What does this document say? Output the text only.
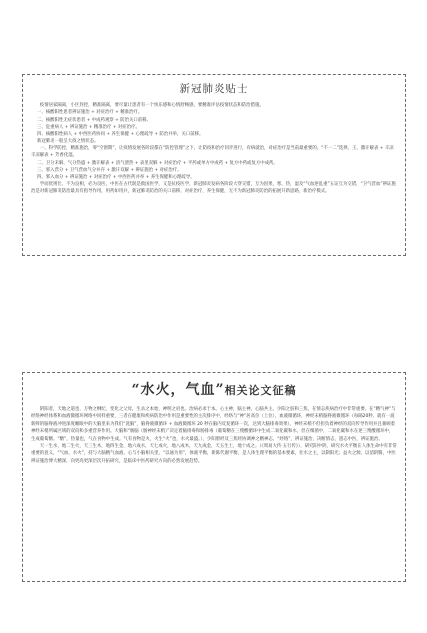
新冠肺炎贴士

疫情居家隔离，小区封控，精准隔离，要尽量让患者有一个快乐感和心情舒畅感，要精准评估疫情状态和防治措施。

一、核酸阳性患者辨证施治 + 对症治疗 + 精准治疗。

二、核酸阳性无症状患者 + 中成药观察 + 防治关口前移。

三、危重病人 + 辨证施治 + 精准治疗 + 对症治疗。

四、核酸阳性病人 + 中西医药协同 + 养生保健 + 心理疏导 + 防治并举，关口前移。

新冠肺炎一般呈大疫之情状态。

一、科学防控，精准施治，零“空窗期”，让疫情发展各阶段都在“防控管理”之下，让防疫和治疗同步进行，有病就治，对症治疗是当前最重要的。“不一二”选择，王，激讦解表 + 辛凉辛凉解表 + 芳香化湿。

二、卫分未解，气分热盛 + 激讦解表 + 清气泄热 + 表里双解 + 对症治疗 + 平药或单方中成药 + 复方中药或复方中成药。

三、邪入营分 + 卫气营血气分并存 + 激讦双解 + 辨证施治 + 对症治疗。

四、邪入血分 + 辨证施治 + 对症治疗 + 中西医药并举 + 养生保健和心理疏导。

学而优则仕，不为良相，必为良医，中医在古代既是救国医学，又是抗疫医学，新冠肺炎发病各阶段大穿交错，互为因果，寒，热，湿及“气血逆乱重”五证互为交错，“卫气营血”辨证施治是对新冠肺炎防治最具有指导作用，用药如用兵，新冠肺炎防治的关口前移，对症治疗，养生保健，无不为新冠肺炎防治的拓展开新思路，新治疗模式。

“水火，气血”相关论文征稿

阴阳者，天地之道也，万物之纲纪，变化之父母，生杀之本始，神明之府也。治病必求于本。心主神，脑主神，心脑共主。少阳之脏和三焦，在情志疾病治疗中非常重要。在“精气神”与经络神经体系和血液微循环网络中同样重要，三者在健康和疾病防治中作用是重要性的主次排序中，经络与“神”居高位（上位），血液微循环，神经末梢脑脊液微循环（每隔20秒，就有一波新鲜的脑脊液冲进深度睡眠中的大脑里来为我们“洗脑”，脑脊液微循环 + 血液微循环 20 秒在脑内反复循环一次，达到大脑排毒效果），神经末梢不但担负着神经的双向传导作用并且兼顾着神经末梢所属区域的双向和多重营养作用。大脑和“肠脑（肠神经末梢）”决定着脑排毒和肠排毒（葡萄糖在三羧酸循环中生成二氧化碳和水，但在细菌中，二氧化碳和水在逆三羧酸循环中，生成葡萄糖。“糖”，热量也，气在食物中生成。气有食物是火，火生“火”也，水火最盛。），少阳胆经及三焦经协调神之精神志，“经络”，辨证施治，决断情志，遗志中医，辨证施治。

天一生水，地二生火，天三生木，地四生金，地六成水，天七成火，地八成木，天九成金，天五生土，地十成之。（《周易大传·五行传》），研究阳中阴，研究水火平衡在人体生命中有非常重要的意义，“气血，水火”，持与大脑精气血液，心与小脑相关里，“以通为用”，体液平衡，新陈代谢平衡，是人体生理平衡的基本要素，壮水之主，以制阳光；益火之源，以消阴翳，中医辨证施治博大精深，向更高更深层次开拓研究，是临床中医药研究方向的必然发展趋势。
